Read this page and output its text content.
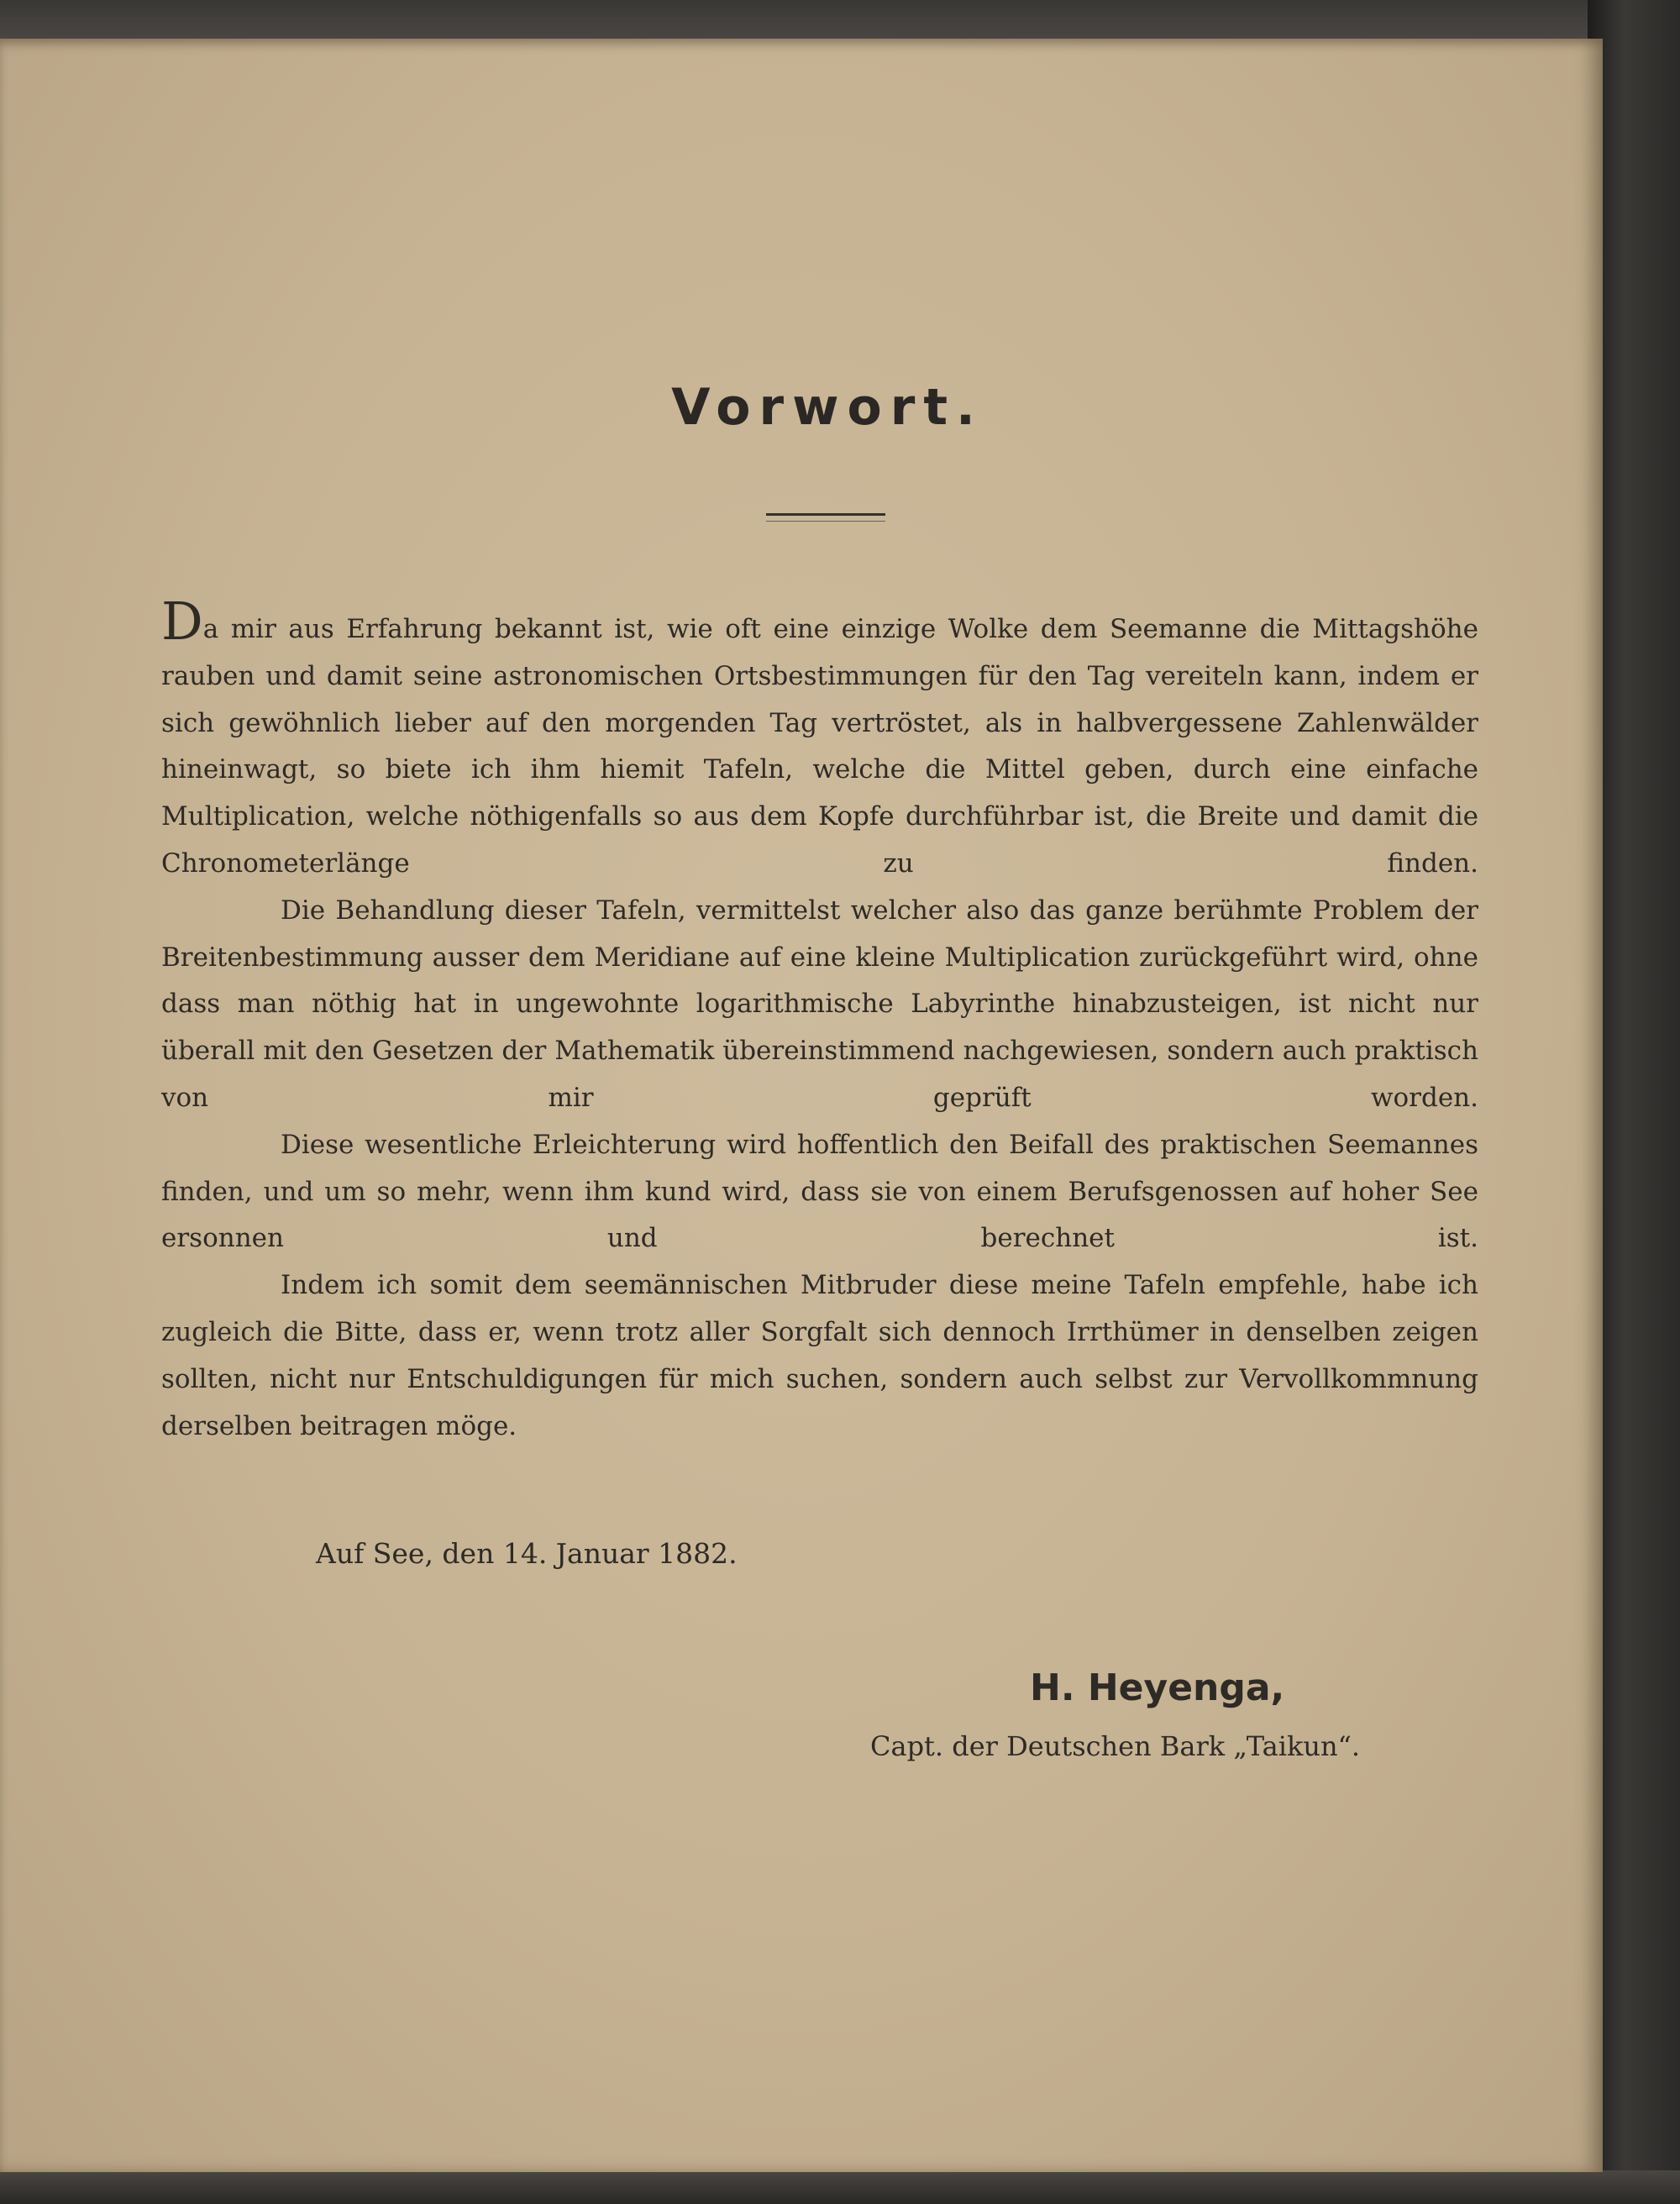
Vorwort.

Da mir aus Erfahrung bekannt ist, wie oft eine einzige Wolke dem Seemanne die Mittagshöhe rauben und damit seine astronomischen Ortsbestimmungen für den Tag vereiteln kann, indem er sich gewöhnlich lieber auf den morgenden Tag vertröstet, als in halbvergessene Zahlenwälder hineinwagt, so biete ich ihm hiemit Tafeln, welche die Mittel geben, durch eine einfache Multiplication, welche nöthigenfalls so aus dem Kopfe durchführbar ist, die Breite und damit die Chronometerlänge zu finden.

Die Behandlung dieser Tafeln, vermittelst welcher also das ganze berühmte Problem der Breitenbestimmung ausser dem Meridiane auf eine kleine Multiplication zurückgeführt wird, ohne dass man nöthig hat in ungewohnte logarithmische Labyrinthe hinabzusteigen, ist nicht nur überall mit den Gesetzen der Mathematik übereinstimmend nachgewiesen, sondern auch praktisch von mir geprüft worden.

Diese wesentliche Erleichterung wird hoffentlich den Beifall des praktischen Seemannes finden, und um so mehr, wenn ihm kund wird, dass sie von einem Berufsgenossen auf hoher See ersonnen und berechnet ist.

Indem ich somit dem seemännischen Mitbruder diese meine Tafeln empfehle, habe ich zugleich die Bitte, dass er, wenn trotz aller Sorgfalt sich dennoch Irrthümer in denselben zeigen sollten, nicht nur Entschuldigungen für mich suchen, sondern auch selbst zur Vervollkommnung derselben beitragen möge.

Auf See, den 14. Januar 1882.
H. Heyenga,
Capt. der Deutschen Bark „Taikun“.
